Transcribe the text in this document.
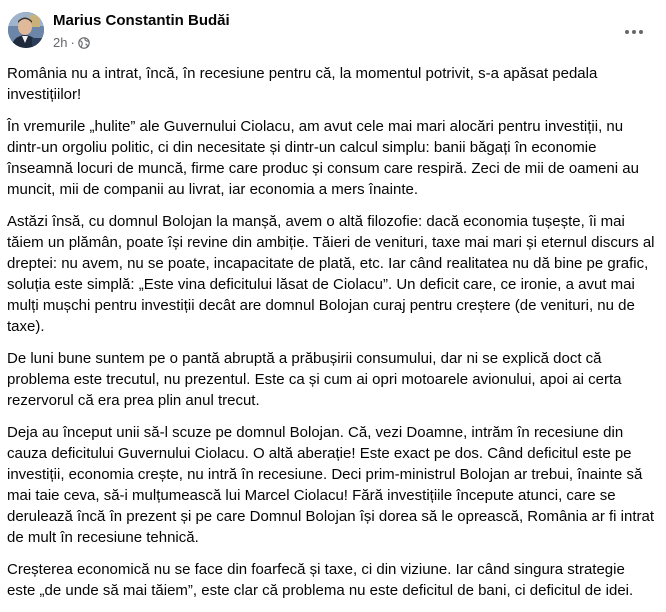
Marius Constantin Budăi
2h ·

România nu a intrat, încă, în recesiune pentru că, la momentul potrivit, s-a apăsat pedala investițiilor!

În vremurile „hulite” ale Guvernului Ciolacu, am avut cele mai mari alocări pentru investiții, nu dintr-un orgoliu politic, ci din necesitate și dintr-un calcul simplu: banii băgați în economie înseamnă locuri de muncă, firme care produc și consum care respiră. Zeci de mii de oameni au muncit, mii de companii au livrat, iar economia a mers înainte.

Astăzi însă, cu domnul Bolojan la manșă, avem o altă filozofie: dacă economia tușește, îi mai tăiem un plămân, poate își revine din ambiție. Tăieri de venituri, taxe mai mari și eternul discurs al dreptei: nu avem, nu se poate, incapacitate de plată, etc. Iar când realitatea nu dă bine pe grafic, soluția este simplă: „Este vina deficitului lăsat de Ciolacu”. Un deficit care, ce ironie, a avut mai mulți mușchi pentru investiții decât are domnul Bolojan curaj pentru creștere (de venituri, nu de taxe).

De luni bune suntem pe o pantă abruptă a prăbușirii consumului, dar ni se explică doct că problema este trecutul, nu prezentul. Este ca și cum ai opri motoarele avionului, apoi ai certa rezervorul că era prea plin anul trecut.

Deja au început unii să-l scuze pe domnul Bolojan. Că, vezi Doamne, intrăm în recesiune din cauza deficitului Guvernului Ciolacu. O altă aberație! Este exact pe dos. Când deficitul este pe investiții, economia crește, nu intră în recesiune. Deci prim-ministrul Bolojan ar trebui, înainte să mai taie ceva, să-i mulțumească lui Marcel Ciolacu! Fără investițiile începute atunci, care se derulează încă în prezent și pe care Domnul Bolojan își dorea să le oprească, România ar fi intrat de mult în recesiune tehnică.

Creșterea economică nu se face din foarfecă și taxe, ci din viziune. Iar când singura strategie este „de unde să mai tăiem”, este clar că problema nu este deficitul de bani, ci deficitul de idei.
